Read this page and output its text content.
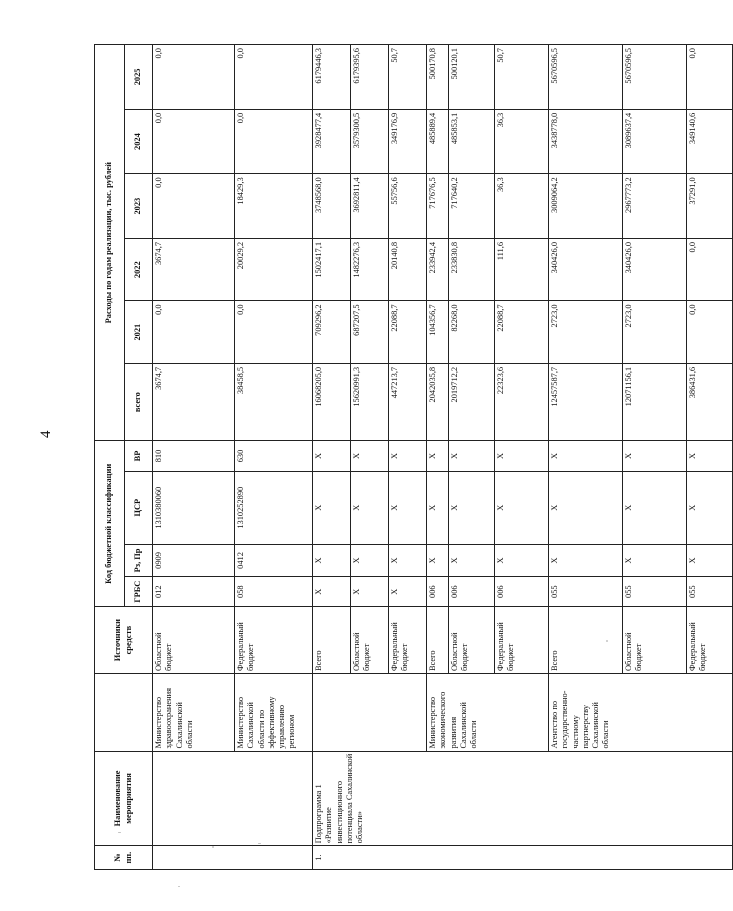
4
№ пп.	Наименование мероприятия		Источники средств	Код бюджетной классификации				Расходы по годам реализации, тыс. рублей					
				ГРБС	Рз, Пр	ЦСР	ВР	всего	2021	2022	2023	2024	2025
		Министерство здравоохранения Сахалинской области	Областной бюджет	012	0909	1310380060	810	3674,7	0,0	3674,7	0,0	0,0	0,0
		Министерство Сахалинской области по эффективному управлению регионом	Федеральный бюджет	058	0412	1310252890	630	38458,5	0,0	20029,2	18429,3	0,0	0,0
1.	Подпрограмма 1 «Развитие инвестиционного потенциала Сахалинской области»		Всего	X	X	X	X	16068205,0	709296,2	1502417,1	3748568,0	3928477,4	6179446,3
			Областной бюджет	X	X	X	X	15620991,3	687207,5	1482276,3	3692811,4	3579300,5	6179395,6
			Федеральный бюджет	X	X	X	X	447213,7	22088,7	20140,8	55756,6	349176,9	50,7
		Министерство экономического развития Сахалинской области	Всего	006	X	X	X	2042035,8	104356,7	233942,4	717676,5	485889,4	500170,8
			Областной бюджет	006	X	X	X	2019712,2	82268,0	233830,8	717640,2	485853,1	500120,1
			Федеральный бюджет	006	X	X	X	22323,6	22088,7	111,6	36,3	36,3	50,7
		Агентство по государственно-частному партнерству Сахалинской области	Всего	055	X	X	X	12457587,7	2723,0	340426,0	3009064,2	3438778,0	5670596,5
			Областной бюджет	055	X	X	X	12071156,1	2723,0	340426,0	2967773,2	3089637,4	5670596,5
			Федеральный бюджет	055	X	X	X	386431,6	0,0	0,0	37291,0	349140,6	0,0
